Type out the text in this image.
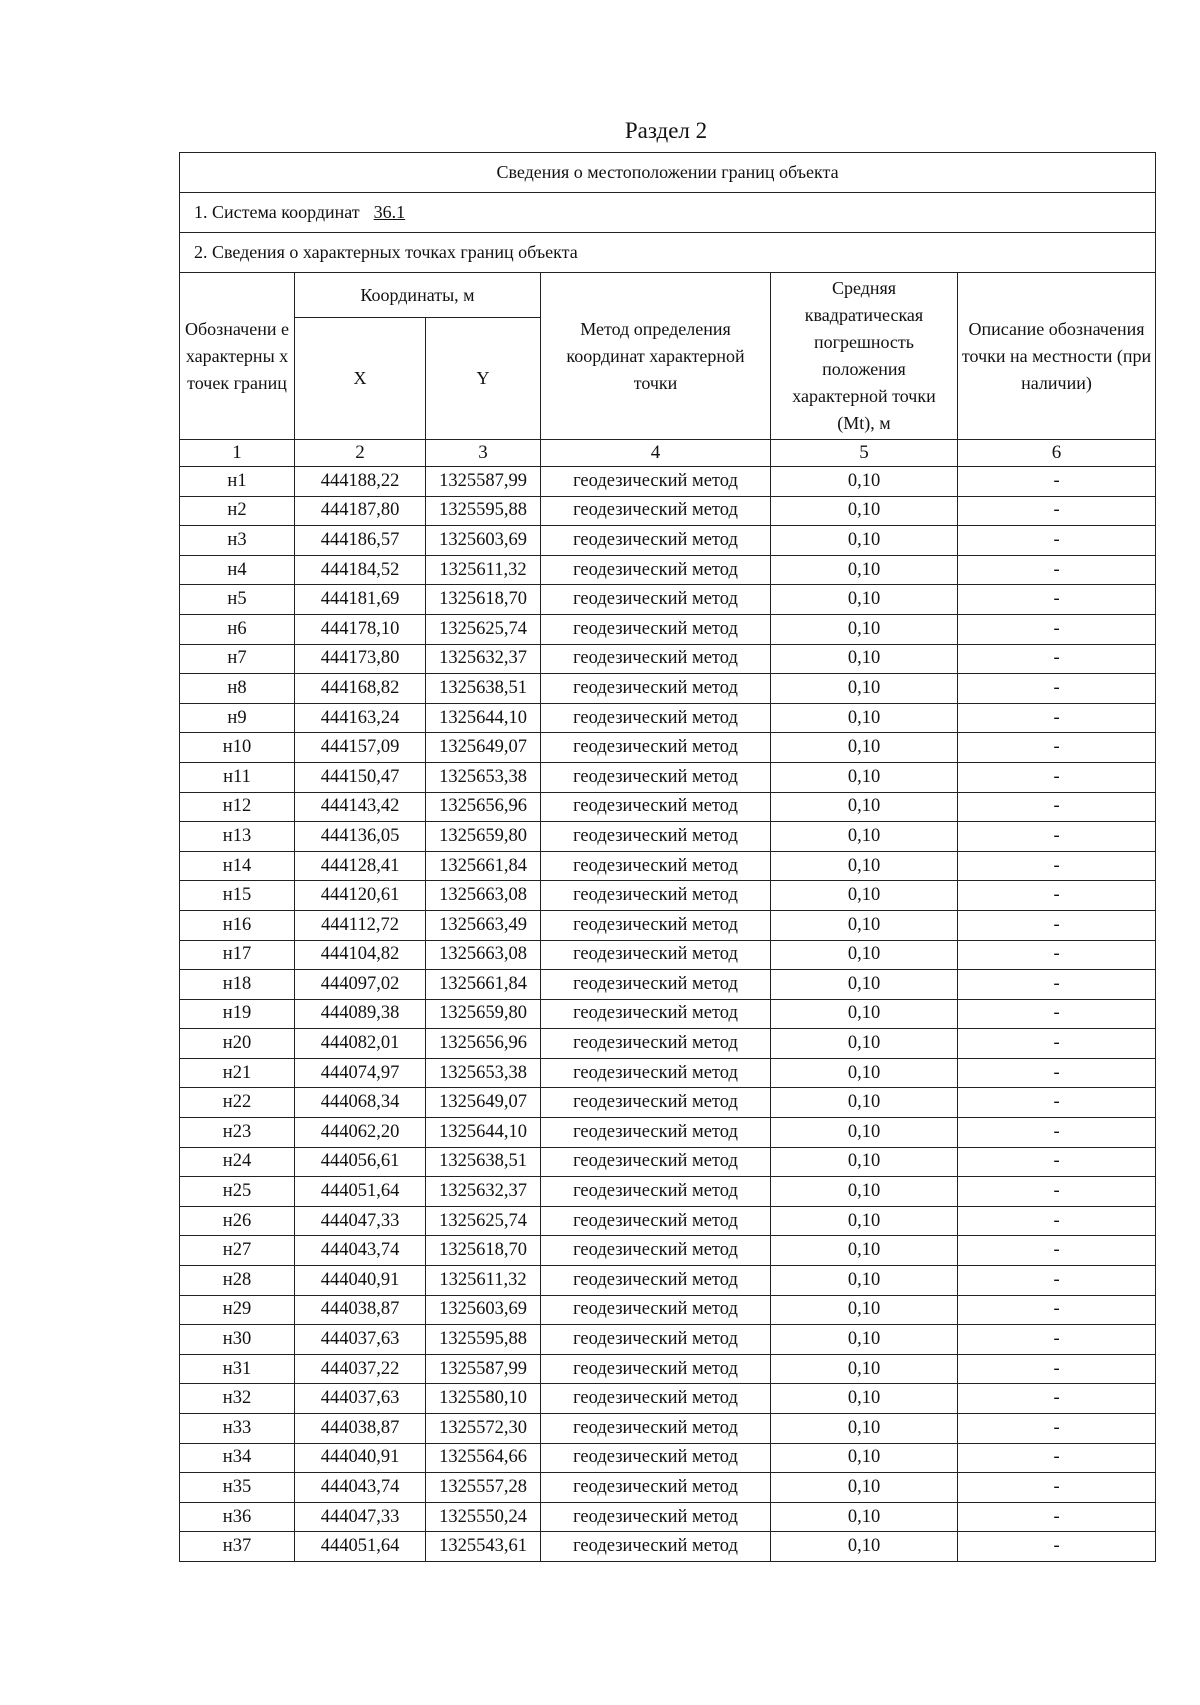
Раздел 2
Сведения о местоположении границ объекта					
1. Система координат 36.1					
2. Сведения о характерных точках границ объекта					
Обозначени е характерны х точек границ	Координаты, м		Метод определения координат характерной точки	Средняя квадратическая погрешность положения характерной точки (Mt), м	Описание обозначения точки на местности (при наличии)
	X	Y			
1	2	3	4	5	6
н1	444188,22	1325587,99	геодезический метод	0,10	-
н2	444187,80	1325595,88	геодезический метод	0,10	-
н3	444186,57	1325603,69	геодезический метод	0,10	-
н4	444184,52	1325611,32	геодезический метод	0,10	-
н5	444181,69	1325618,70	геодезический метод	0,10	-
н6	444178,10	1325625,74	геодезический метод	0,10	-
н7	444173,80	1325632,37	геодезический метод	0,10	-
н8	444168,82	1325638,51	геодезический метод	0,10	-
н9	444163,24	1325644,10	геодезический метод	0,10	-
н10	444157,09	1325649,07	геодезический метод	0,10	-
н11	444150,47	1325653,38	геодезический метод	0,10	-
н12	444143,42	1325656,96	геодезический метод	0,10	-
н13	444136,05	1325659,80	геодезический метод	0,10	-
н14	444128,41	1325661,84	геодезический метод	0,10	-
н15	444120,61	1325663,08	геодезический метод	0,10	-
н16	444112,72	1325663,49	геодезический метод	0,10	-
н17	444104,82	1325663,08	геодезический метод	0,10	-
н18	444097,02	1325661,84	геодезический метод	0,10	-
н19	444089,38	1325659,80	геодезический метод	0,10	-
н20	444082,01	1325656,96	геодезический метод	0,10	-
н21	444074,97	1325653,38	геодезический метод	0,10	-
н22	444068,34	1325649,07	геодезический метод	0,10	-
н23	444062,20	1325644,10	геодезический метод	0,10	-
н24	444056,61	1325638,51	геодезический метод	0,10	-
н25	444051,64	1325632,37	геодезический метод	0,10	-
н26	444047,33	1325625,74	геодезический метод	0,10	-
н27	444043,74	1325618,70	геодезический метод	0,10	-
н28	444040,91	1325611,32	геодезический метод	0,10	-
н29	444038,87	1325603,69	геодезический метод	0,10	-
н30	444037,63	1325595,88	геодезический метод	0,10	-
н31	444037,22	1325587,99	геодезический метод	0,10	-
н32	444037,63	1325580,10	геодезический метод	0,10	-
н33	444038,87	1325572,30	геодезический метод	0,10	-
н34	444040,91	1325564,66	геодезический метод	0,10	-
н35	444043,74	1325557,28	геодезический метод	0,10	-
н36	444047,33	1325550,24	геодезический метод	0,10	-
н37	444051,64	1325543,61	геодезический метод	0,10	-
